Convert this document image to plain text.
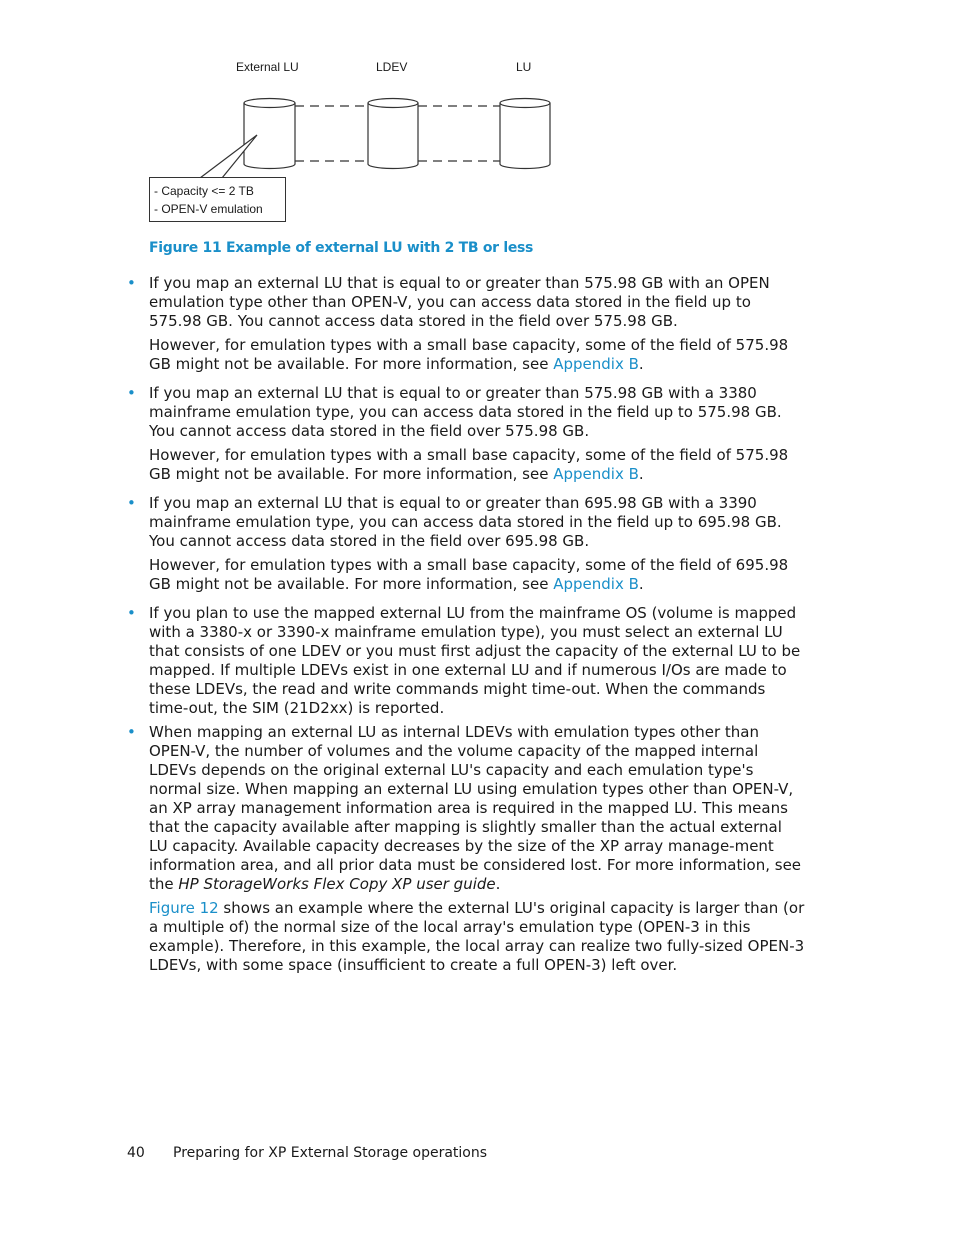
External LU	LDEV	LU
- Capacity <= 2 TB
- OPEN-V emulation
Figure 11 Example of external LU with 2 TB or less
• If you map an external LU that is equal to or greater than 575.98 GB with an OPEN emulation type other than OPEN-V, you can access data stored in the field up to 575.98 GB. You cannot access data stored in the field over 575.98 GB.

However, for emulation types with a small base capacity, some of the field of 575.98 GB might not be available. For more information, see Appendix B.

• If you map an external LU that is equal to or greater than 575.98 GB with a 3380 mainframe emulation type, you can access data stored in the field up to 575.98 GB. You cannot access data stored in the field over 575.98 GB.

However, for emulation types with a small base capacity, some of the field of 575.98 GB might not be available. For more information, see Appendix B.

• If you map an external LU that is equal to or greater than 695.98 GB with a 3390 mainframe emulation type, you can access data stored in the field up to 695.98 GB. You cannot access data stored in the field over 695.98 GB.

However, for emulation types with a small base capacity, some of the field of 695.98 GB might not be available. For more information, see Appendix B.

• If you plan to use the mapped external LU from the mainframe OS (volume is mapped with a 3380-x or 3390-x mainframe emulation type), you must select an external LU that consists of one LDEV or you must first adjust the capacity of the external LU to be mapped. If multiple LDEVs exist in one external LU and if numerous I/Os are made to these LDEVs, the read and write commands might time-out. When the commands time-out, the SIM (21D2xx) is reported.

• When mapping an external LU as internal LDEVs with emulation types other than OPEN-V, the number of volumes and the volume capacity of the mapped internal LDEVs depends on the original external LU's capacity and each emulation type's normal size. When mapping an external LU using emulation types other than OPEN-V, an XP array management information area is required in the mapped LU. This means that the capacity available after mapping is slightly smaller than the actual external LU capacity. Available capacity decreases by the size of the XP array manage-ment information area, and all prior data must be considered lost. For more information, see the HP StorageWorks Flex Copy XP user guide.

Figure 12 shows an example where the external LU's original capacity is larger than (or a multiple of) the normal size of the local array's emulation type (OPEN-3 in this example). Therefore, in this example, the local array can realize two fully-sized OPEN-3 LDEVs, with some space (insufficient to create a full OPEN-3) left over.

40 Preparing for XP External Storage operations
